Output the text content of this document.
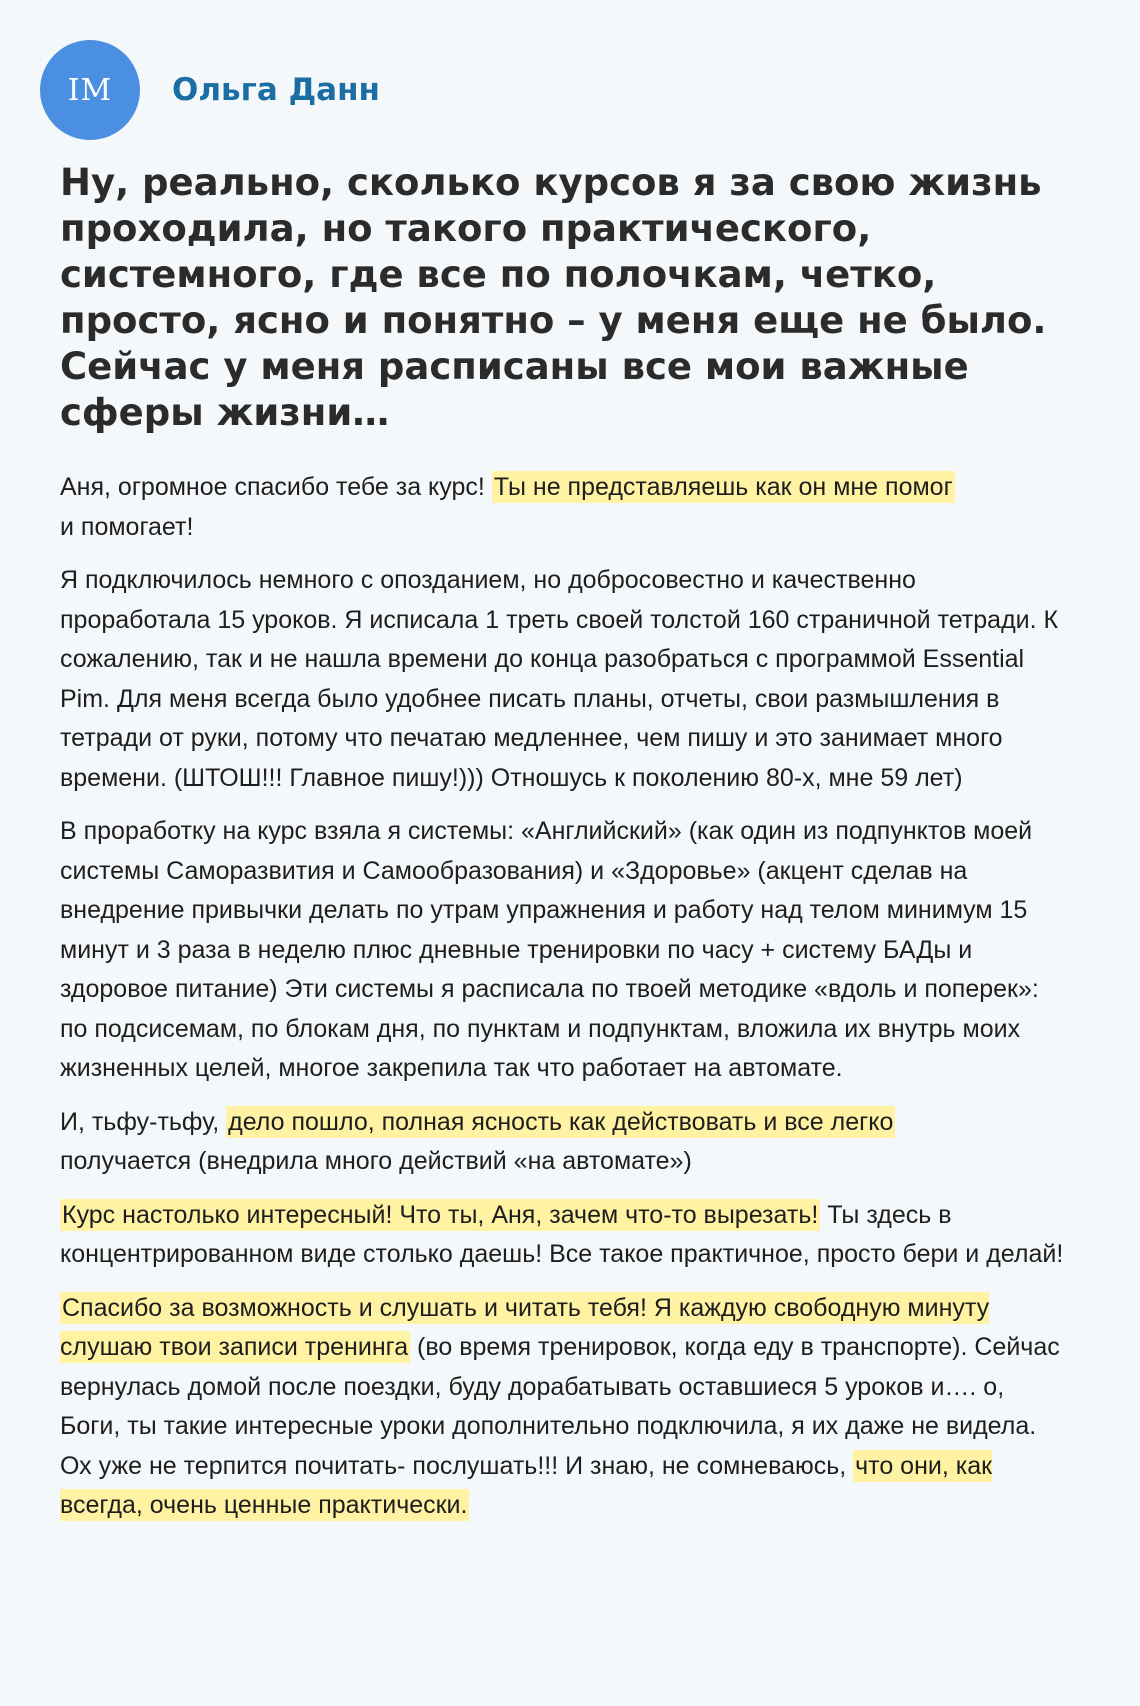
IM	Ольга Данн
Ну, реально, сколько курсов я за свою жизнь проходила, но такого практического, системного, где все по полочкам, четко, просто, ясно и понятно – у меня еще не было. Сейчас у меня расписаны все мои важные сферы жизни…

Аня, огромное спасибо тебе за курс! Ты не представляешь как он мне помог
и помогает!

Я подключилось немного с опозданием, но добросовестно и качественно проработала 15 уроков. Я исписала 1 треть своей толстой 160 страничной тетради. К сожалению, так и не нашла времени до конца разобраться с программой Essential Pim. Для меня всегда было удобнее писать планы, отчеты, свои размышления в тетради от руки, потому что печатаю медленнее, чем пишу и это занимает много времени. (ШТОШ!!! Главное пишу!))) Отношусь к поколению 80-х, мне 59 лет)

В проработку на курс взяла я системы: «Английский» (как один из подпунктов моей системы Саморазвития и Самообразования) и «Здоровье» (акцент сделав на внедрение привычки делать по утрам упражнения и работу над телом минимум 15 минут и 3 раза в неделю плюс дневные тренировки по часу + систему БАДы и здоровое питание) Эти системы я расписала по твоей методике «вдоль и поперек»: по подсисемам, по блокам дня, по пунктам и подпунктам, вложила их внутрь моих жизненных целей, многое закрепила так что работает на автомате.

И, тьфу-тьфу, дело пошло, полная ясность как действовать и все легко
получается (внедрила много действий «на автомате»)

Курс настолько интересный! Что ты, Аня, зачем что-то вырезать! Ты здесь в концентрированном виде столько даешь! Все такое практичное, просто бери и делай!

Спасибо за возможность и слушать и читать тебя! Я каждую свободную минуту слушаю твои записи тренинга (во время тренировок, когда еду в транспорте). Сейчас вернулась домой после поездки, буду дорабатывать оставшиеся 5 уроков и…. о, Боги, ты такие интересные уроки дополнительно подключила, я их даже не видела. Ох уже не терпится почитать- послушать!!! И знаю, не сомневаюсь, что они, как всегда, очень ценные практически.
